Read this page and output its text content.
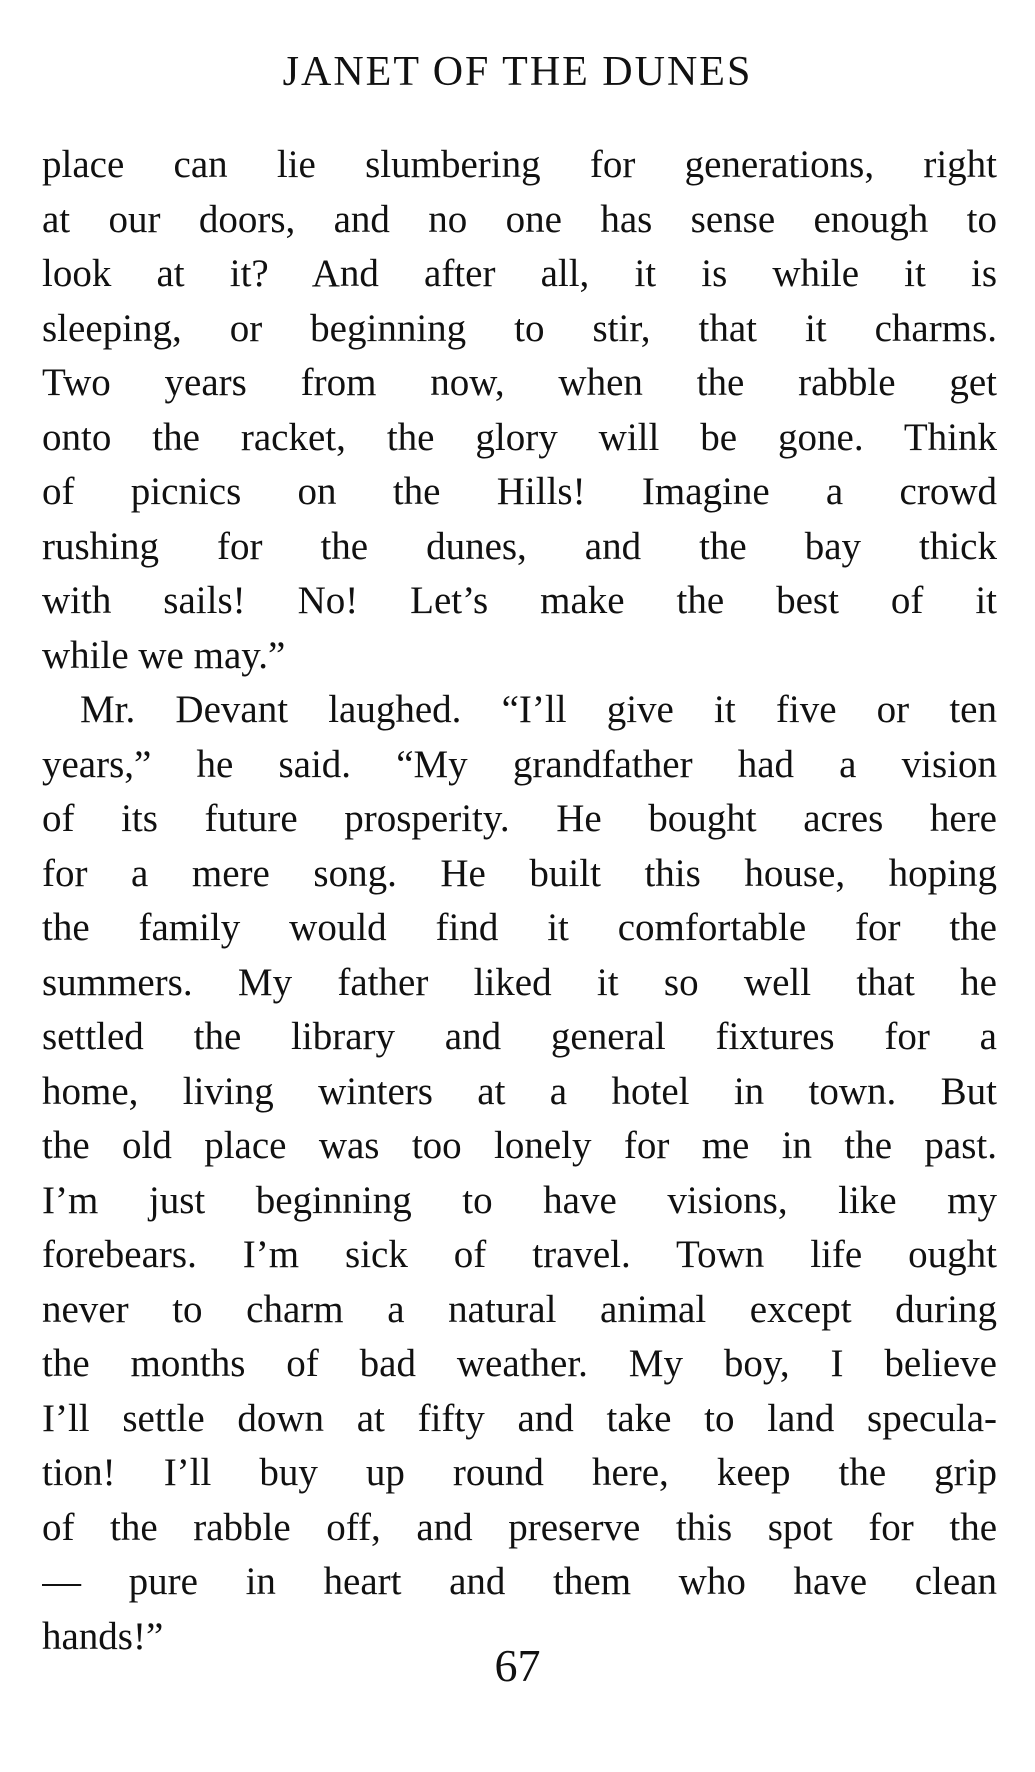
JANET OF THE DUNES
place can lie slumbering for generations, right
at our doors, and no one has sense enough to
look at it? And after all, it is while it is
sleeping, or beginning to stir, that it charms.
Two years from now, when the rabble get
onto the racket, the glory will be gone. Think
of picnics on the Hills! Imagine a crowd
rushing for the dunes, and the bay thick
with sails! No! Let’s make the best of it
while we may.”
Mr. Devant laughed. “I’ll give it five or ten
years,” he said. “My grandfather had a vision
of its future prosperity. He bought acres here
for a mere song. He built this house, hoping
the family would find it comfortable for the
summers. My father liked it so well that he
settled the library and general fixtures for a
home, living winters at a hotel in town. But
the old place was too lonely for me in the past.
I’m just beginning to have visions, like my
forebears. I’m sick of travel. Town life ought
never to charm a natural animal except during
the months of bad weather. My boy, I believe
I’ll settle down at fifty and take to land specula-
tion! I’ll buy up round here, keep the grip
of the rabble off, and preserve this spot for the
— pure in heart and them who have clean
hands!”
67
